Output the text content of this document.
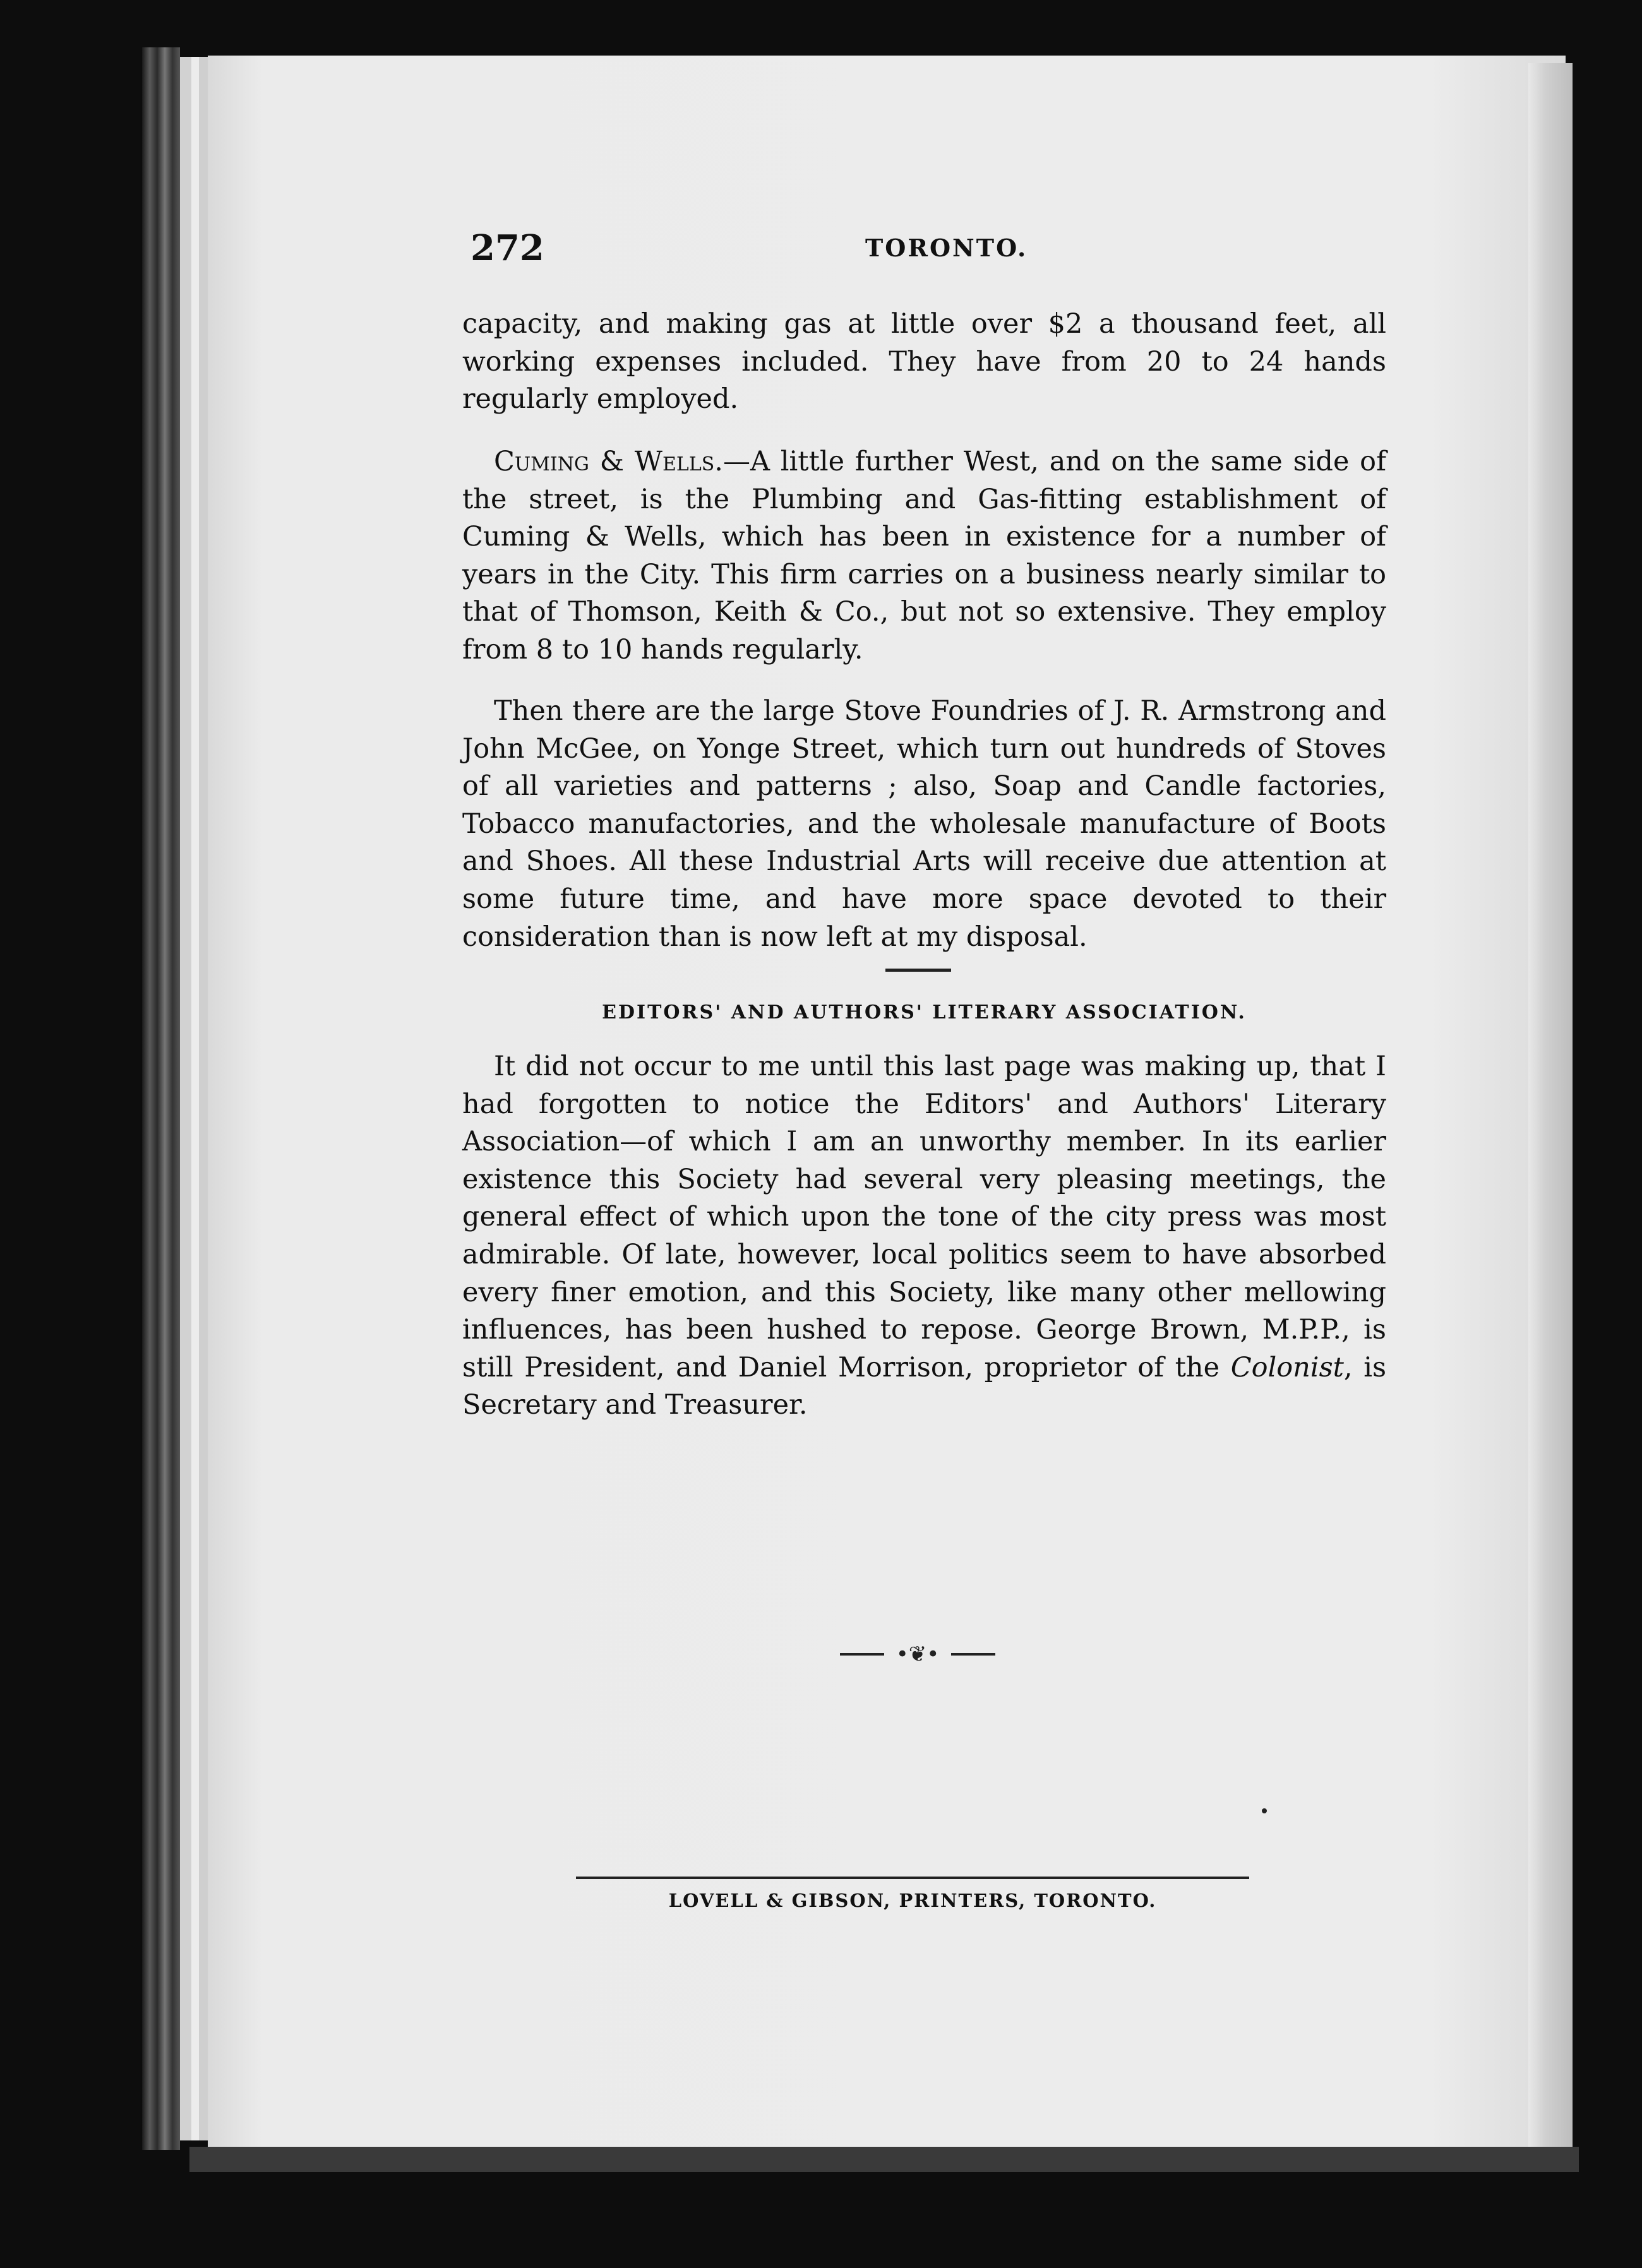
272	TORONTO.

capacity, and making gas at little over $2 a thousand feet, all working expenses included. They have from 20 to 24 hands regularly employed.

Cuming & Wells.—A little further West, and on the same side of the street, is the Plumbing and Gas-fitting establishment of Cuming & Wells, which has been in existence for a number of years in the City. This firm carries on a business nearly similar to that of Thomson, Keith & Co., but not so extensive. They employ from 8 to 10 hands regularly.

Then there are the large Stove Foundries of J. R. Armstrong and John McGee, on Yonge Street, which turn out hundreds of Stoves of all varieties and patterns ; also, Soap and Candle factories, Tobacco manufactories, and the wholesale manufacture of Boots and Shoes. All these Industrial Arts will receive due attention at some future time, and have more space devoted to their consideration than is now left at my disposal.

EDITORS' AND AUTHORS' LITERARY ASSOCIATION.

It did not occur to me until this last page was making up, that I had forgotten to notice the Editors' and Authors' Literary Association—of which I am an unworthy member. In its earlier existence this Society had several very pleasing meetings, the general effect of which upon the tone of the city press was most admirable. Of late, however, local politics seem to have absorbed every finer emotion, and this Society, like many other mellowing influences, has been hushed to repose. George Brown, M.P.P., is still President, and Daniel Morrison, proprietor of the Colonist, is Secretary and Treasurer.

•❦•
LOVELL & GIBSON, PRINTERS, TORONTO.
